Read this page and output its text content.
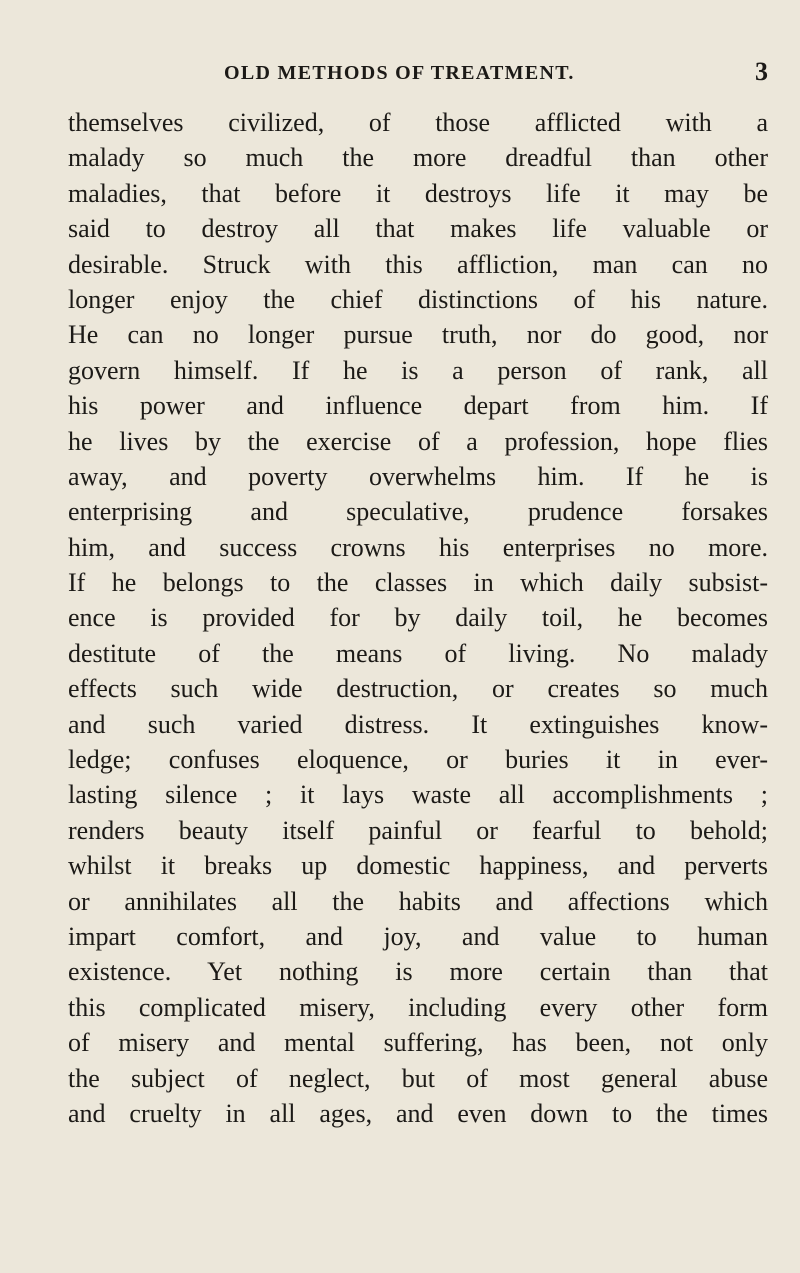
OLD METHODS OF TREATMENT.	3
themselves civilized, of those afflicted with a
malady so much the more dreadful than other
maladies, that before it destroys life it may be
said to destroy all that makes life valuable or
desirable. Struck with this affliction, man can no
longer enjoy the chief distinctions of his nature.
He can no longer pursue truth, nor do good, nor
govern himself. If he is a person of rank, all
his power and influence depart from him. If
he lives by the exercise of a profession, hope flies
away, and poverty overwhelms him. If he is
enterprising and speculative, prudence forsakes
him, and success crowns his enterprises no more.
If he belongs to the classes in which daily subsist-
ence is provided for by daily toil, he becomes
destitute of the means of living. No malady
effects such wide destruction, or creates so much
and such varied distress. It extinguishes know-
ledge; confuses eloquence, or buries it in ever-
lasting silence ; it lays waste all accomplishments ;
renders beauty itself painful or fearful to behold;
whilst it breaks up domestic happiness, and perverts
or annihilates all the habits and affections which
impart comfort, and joy, and value to human
existence. Yet nothing is more certain than that
this complicated misery, including every other form
of misery and mental suffering, has been, not only
the subject of neglect, but of most general abuse
and cruelty in all ages, and even down to the times
